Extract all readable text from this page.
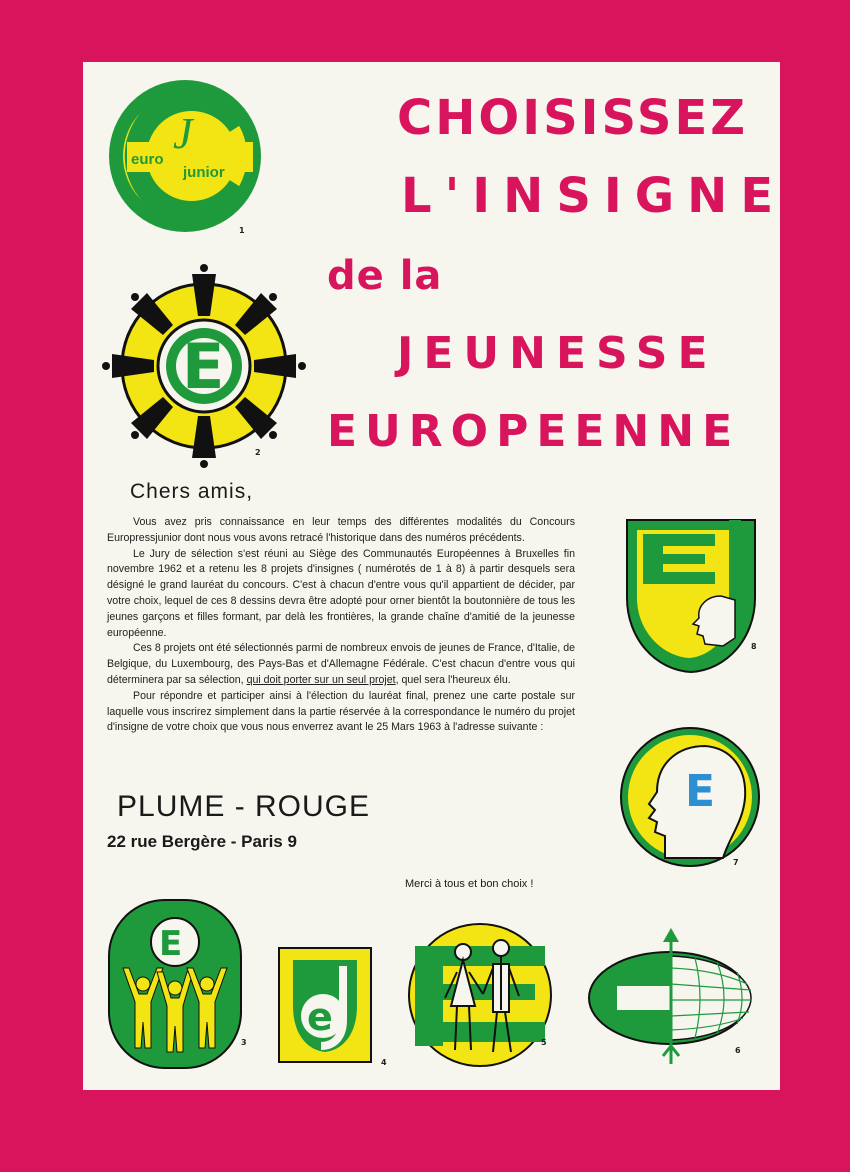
CHOISISSEZ
L'INSIGNE
de la
JEUNESSE
EUROPEENNE
J
euro
junior
1
E
2
Chers amis,

Vous avez pris connaissance en leur temps des différentes modalités du Concours Europressjunior dont nous vous avons retracé l'historique dans des numéros précédents.

Le Jury de sélection s'est réuni au Siège des Communautés Européennes à Bruxelles fin novembre 1962 et a retenu les 8 projets d'insignes ( numérotés de 1 à 8) à partir desquels sera désigné le grand lauréat du concours. C'est à chacun d'entre vous qu'il appartient de décider, par votre choix, lequel de ces 8 dessins devra être adopté pour orner bientôt la boutonnière de tous les jeunes garçons et filles formant, par delà les frontières, la grande chaîne d'amitié de la jeunesse européenne.

Ces 8 projets ont été sélectionnés parmi de nombreux envois de jeunes de France, d'Italie, de Belgique, du Luxembourg, des Pays-Bas et d'Allemagne Fédérale. C'est chacun d'entre vous qui déterminera par sa sélection, qui doit porter sur un seul projet, quel sera l'heureux élu.

Pour répondre et participer ainsi à l'élection du lauréat final, prenez une carte postale sur laquelle vous inscrirez simplement dans la partie réservée à la correspondance le numéro du projet d'insigne de votre choix que vous nous enverrez avant le 25 Mars 1963 à l'adresse suivante :

PLUME - ROUGE
22 rue Bergère - Paris 9
Merci à tous et bon choix !
8
E
7
E
3
e
4
5
6
